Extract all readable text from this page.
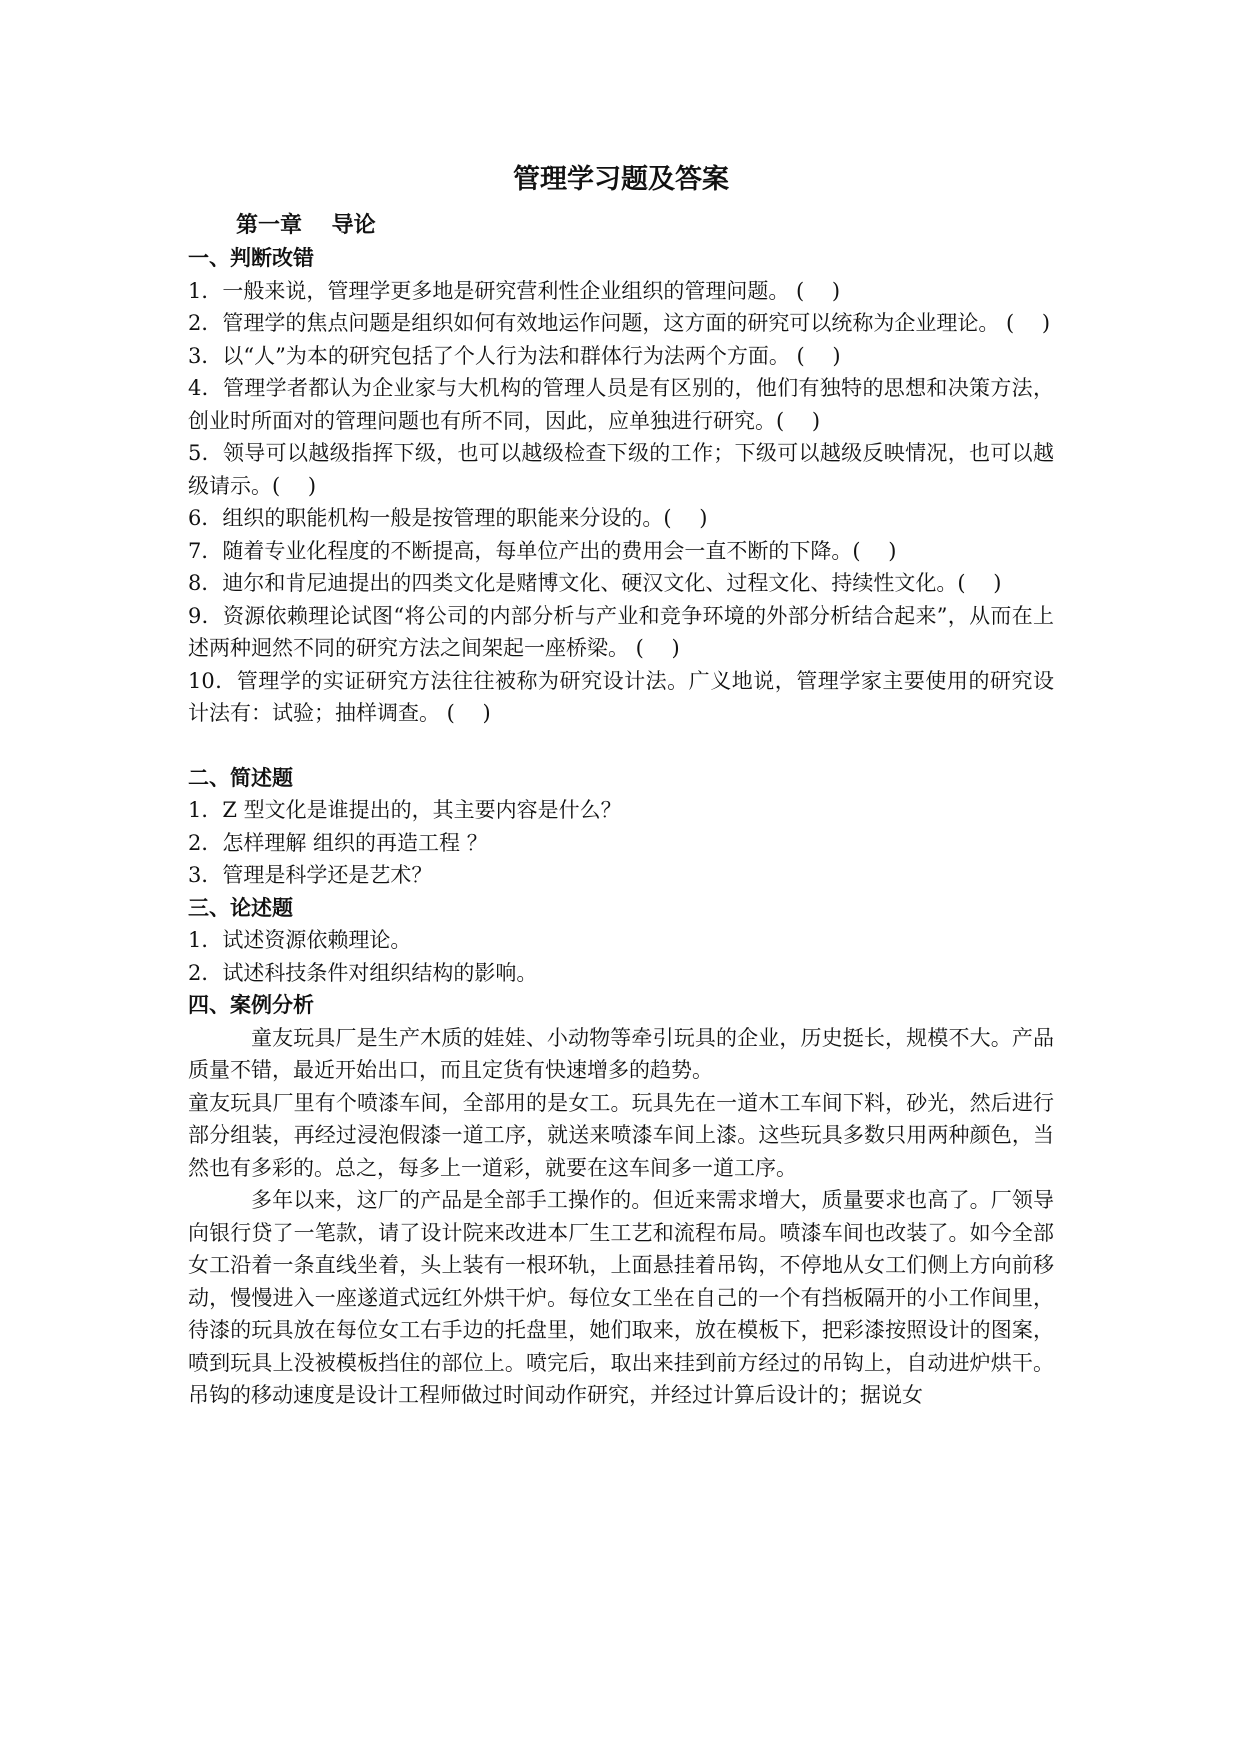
管理学习题及答案
第一章　 导论
一、判断改错
1．一般来说，管理学更多地是研究营利性企业组织的管理问题。 (　 )
2．管理学的焦点问题是组织如何有效地运作问题，这方面的研究可以统称为企业理论。 (　 )
3．以“人”为本的研究包括了个人行为法和群体行为法两个方面。 (　 )
4．管理学者都认为企业家与大机构的管理人员是有区别的，他们有独特的思想和决策方法，创业时所面对的管理问题也有所不同，因此，应单独进行研究。(　 )
5．领导可以越级指挥下级，也可以越级检查下级的工作；下级可以越级反映情况，也可以越级请示。(　 )
6．组织的职能机构一般是按管理的职能来分设的。(　 )
7．随着专业化程度的不断提高，每单位产出的费用会一直不断的下降。(　 )
8．迪尔和肯尼迪提出的四类文化是赌博文化、硬汉文化、过程文化、持续性文化。(　 )
9．资源依赖理论试图“将公司的内部分析与产业和竞争环境的外部分析结合起来”，从而在上述两种迥然不同的研究方法之间架起一座桥梁。 (　 )
10．管理学的实证研究方法往往被称为研究设计法。广义地说，管理学家主要使用的研究设计法有：试验；抽样调查。 (　 )
二、简述题
1．Z 型文化是谁提出的，其主要内容是什么？
2．怎样理解 组织的再造工程 ？
3．管理是科学还是艺术？
三、论述题
1．试述资源依赖理论。
2．试述科技条件对组织结构的影响。
四、案例分析
童友玩具厂是生产木质的娃娃、小动物等牵引玩具的企业，历史挺长，规模不大。产品质量不错，最近开始出口，而且定货有快速增多的趋势。
童友玩具厂里有个喷漆车间，全部用的是女工。玩具先在一道木工车间下料，砂光，然后进行部分组装，再经过浸泡假漆一道工序，就送来喷漆车间上漆。这些玩具多数只用两种颜色，当然也有多彩的。总之，每多上一道彩，就要在这车间多一道工序。
多年以来，这厂的产品是全部手工操作的。但近来需求增大，质量要求也高了。厂领导向银行贷了一笔款，请了设计院来改进本厂生工艺和流程布局。喷漆车间也改装了。如今全部女工沿着一条直线坐着，头上装有一根环轨，上面悬挂着吊钩，不停地从女工们侧上方向前移动，慢慢进入一座遂道式远红外烘干炉。每位女工坐在自己的一个有挡板隔开的小工作间里，待漆的玩具放在每位女工右手边的托盘里，她们取来，放在模板下，把彩漆按照设计的图案，喷到玩具上没被模板挡住的部位上。喷完后，取出来挂到前方经过的吊钩上，自动进炉烘干。吊钩的移动速度是设计工程师做过时间动作研究，并经过计算后设计的；据说女
